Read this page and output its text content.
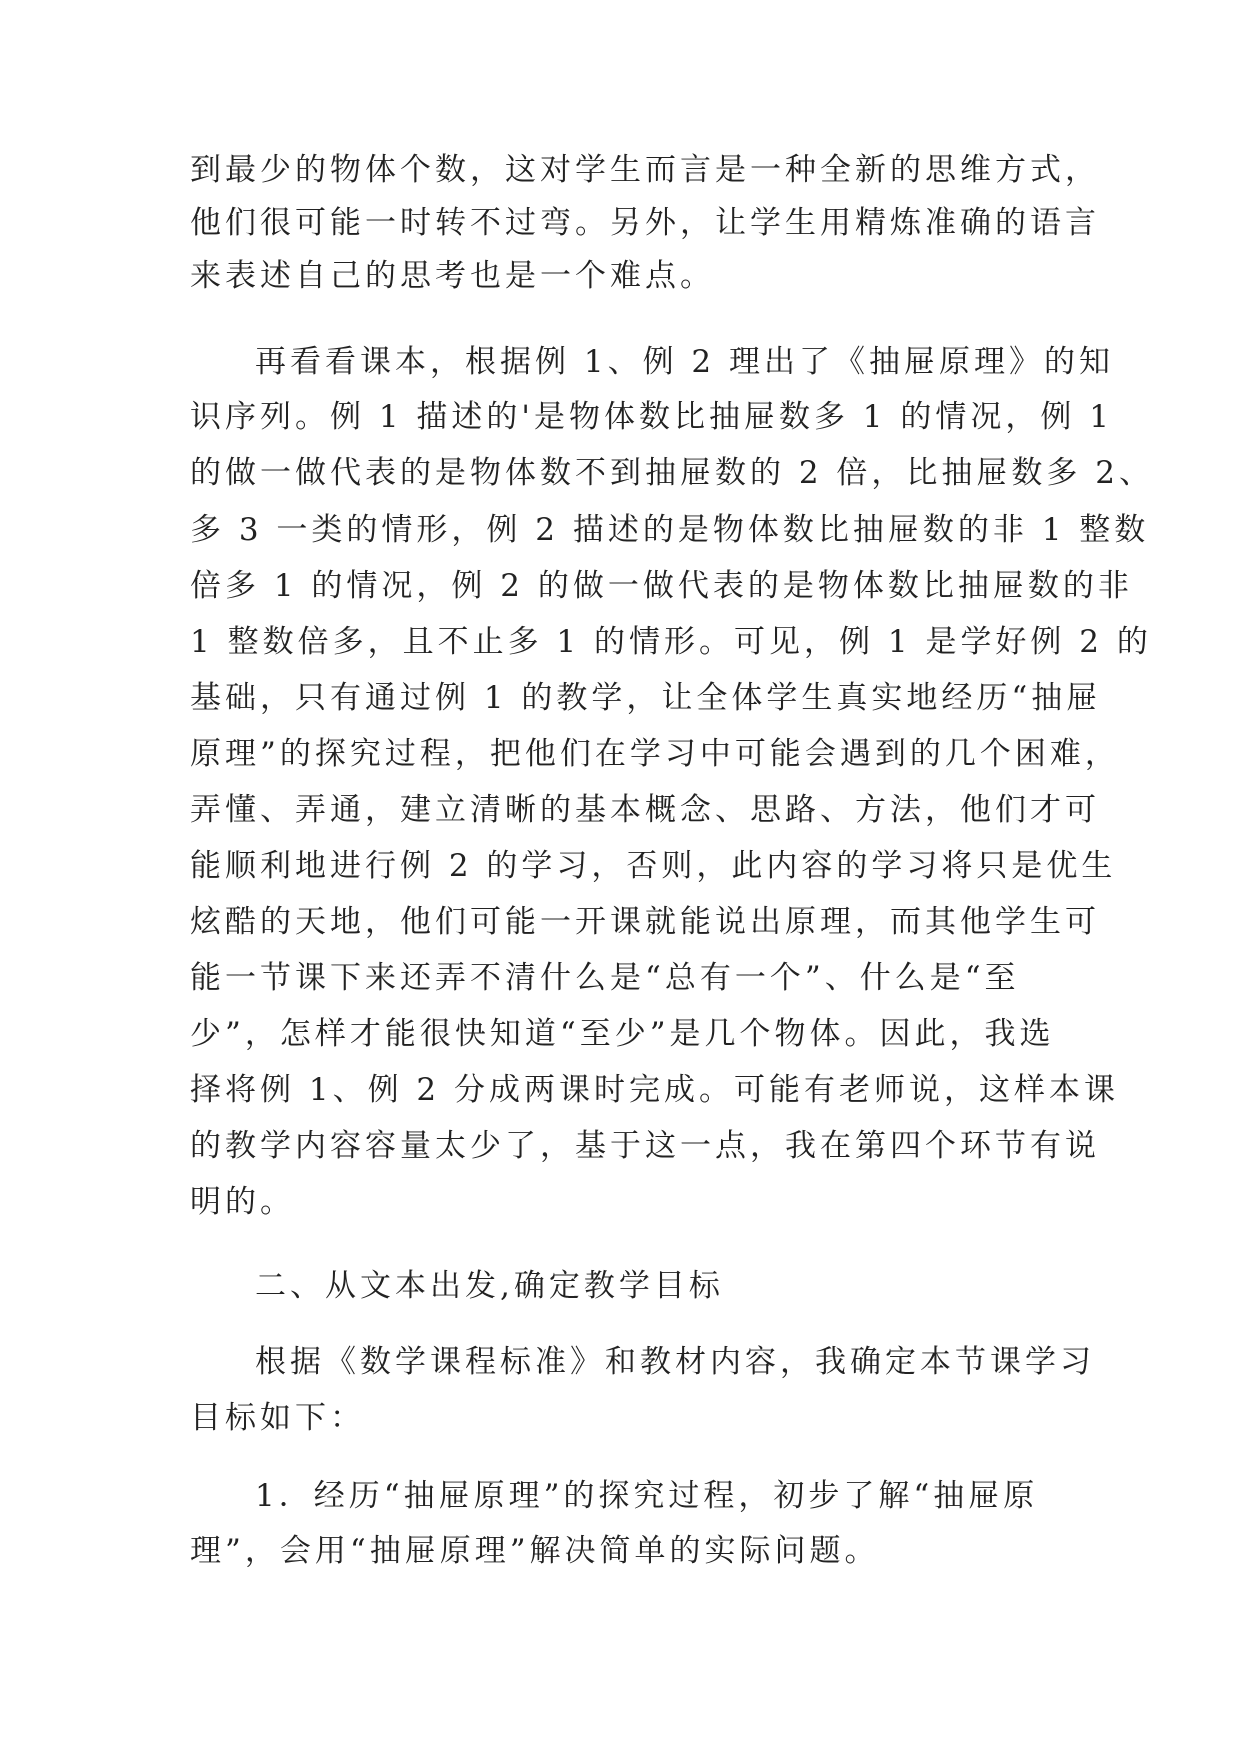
到最少的物体个数，这对学生而言是一种全新的思维方式，

他们很可能一时转不过弯。另外，让学生用精炼准确的语言

来表述自己的思考也是一个难点。

再看看课本，根据例 1、例 2 理出了《抽屉原理》的知

识序列。例 1 描述的'是物体数比抽屉数多 1 的情况，例 1

的做一做代表的是物体数不到抽屉数的 2 倍，比抽屉数多 2、

多 3 一类的情形，例 2 描述的是物体数比抽屉数的非 1 整数

倍多 1 的情况，例 2 的做一做代表的是物体数比抽屉数的非

1 整数倍多，且不止多 1 的情形。可见，例 1 是学好例 2 的

基础，只有通过例 1 的教学，让全体学生真实地经历“抽屉

原理”的探究过程，把他们在学习中可能会遇到的几个困难，

弄懂、弄通，建立清晰的基本概念、思路、方法，他们才可

能顺利地进行例 2 的学习，否则，此内容的学习将只是优生

炫酷的天地，他们可能一开课就能说出原理，而其他学生可

能一节课下来还弄不清什么是“总有一个”、什么是“至

少”，怎样才能很快知道“至少”是几个物体。因此，我选

择将例 1、例 2 分成两课时完成。可能有老师说，这样本课

的教学内容容量太少了，基于这一点，我在第四个环节有说

明的。

二、从文本出发,确定教学目标

根据《数学课程标准》和教材内容，我确定本节课学习

目标如下：

1．经历“抽屉原理”的探究过程，初步了解“抽屉原

理”，会用“抽屉原理”解决简单的实际问题。
